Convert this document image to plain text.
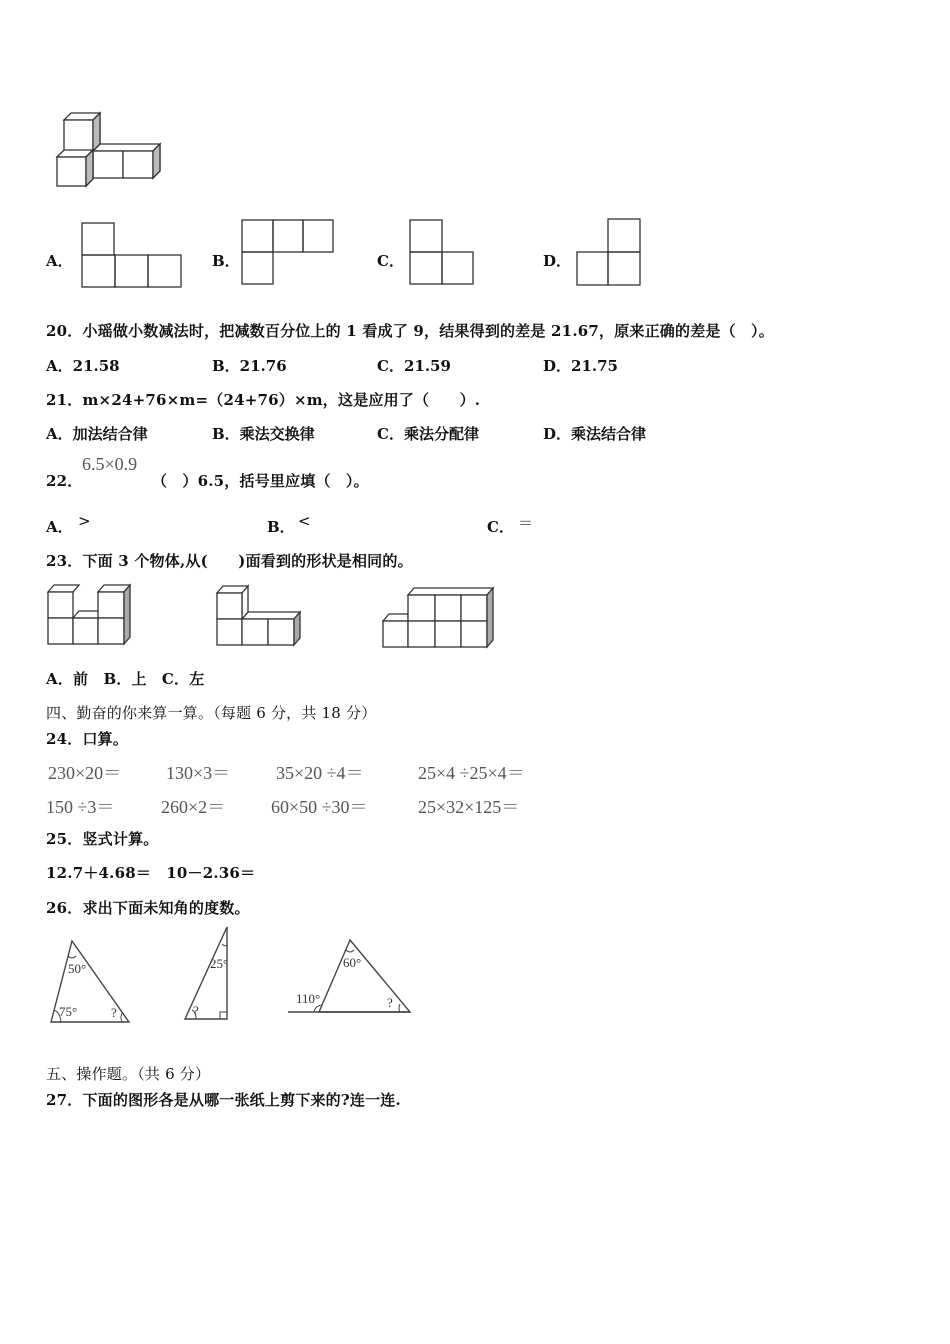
A．	B．	C．	D．
20．小瑶做小数减法时，把减数百分位上的 1 看成了 9，结果得到的差是 21.67，原来正确的差是（　）。
A．21.58	B．21.76	C．21.59	D．21.75
21．m×24+76×m=（24+76）×m，这是应用了（　　）.
A．加法结合律	B．乘法交换律	C．乘法分配律	D．乘法结合律
22．
6.5×0.9
（　）6.5，括号里应填（　）。
A． >	B． <	C． ＝
23．下面 3 个物体,从(　　)面看到的形状是相同的。
A．前　B．上　C．左
四、勤奋的你来算一算。（每题 6 分，共 18 分）
24．口算。
230×20＝ 130×3＝	35×20 ÷4＝	25×4 ÷25×4＝
150 ÷3＝	260×2＝	60×50 ÷30＝	25×32×125＝
25．竖式计算。
12.7＋4.68＝　10－2.36＝
26．求出下面未知角的度数。
50°
75°	?
25°
?
60°
110°	?
五、操作题。（共 6 分）
27．下面的图形各是从哪一张纸上剪下来的?连一连.
